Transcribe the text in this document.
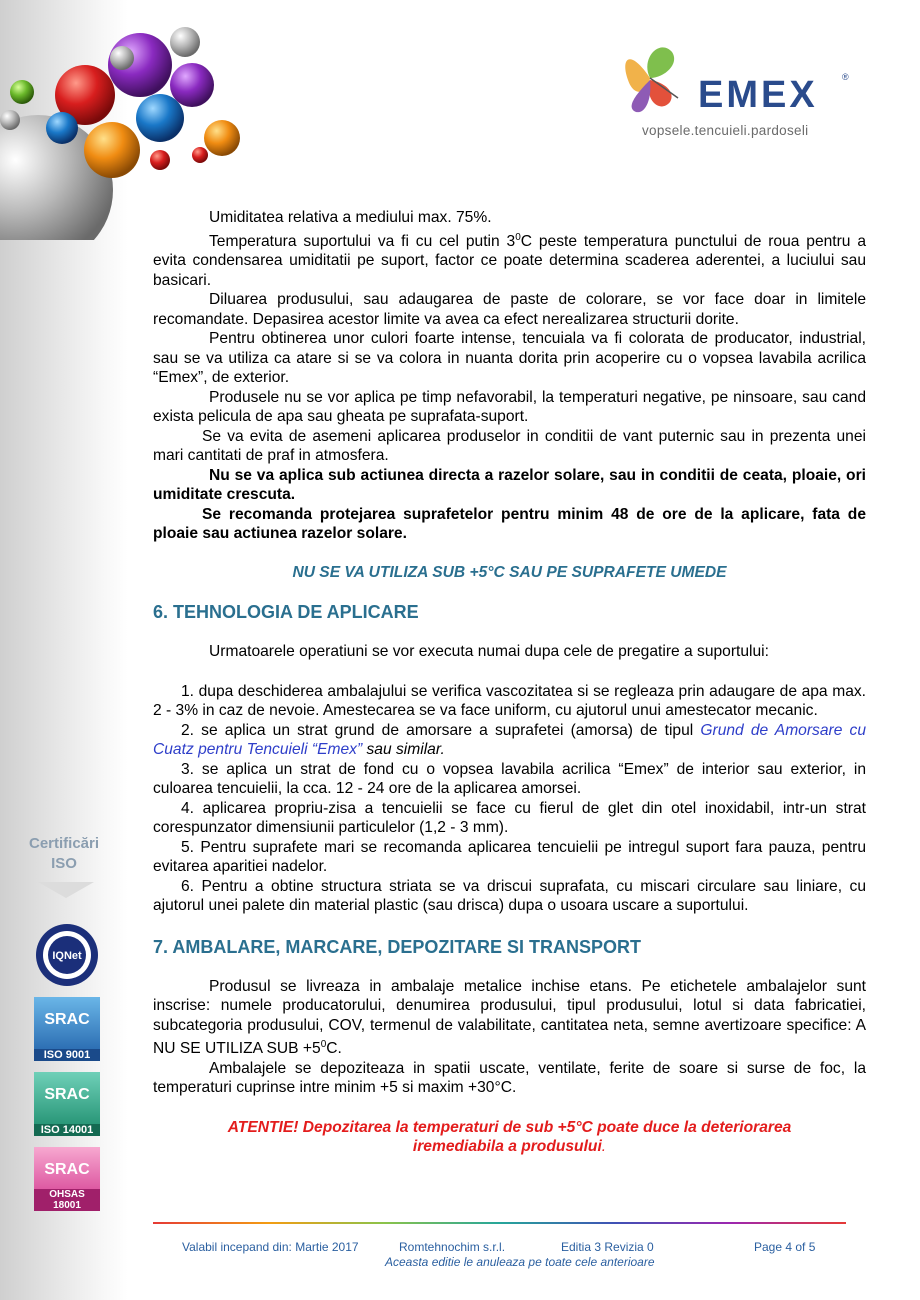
EMEX	®
vopsele.tencuieli.pardoseli
Certificări
ISO
IQNet
SRAC
ISO 9001
SRAC
ISO 14001
SRAC
OHSAS 18001

Umiditatea relativa a mediului max. 75%.

Temperatura suportului va fi cu cel putin $3^0C$ peste temperatura punctului de roua pentru a evita condensarea umiditatii pe suport, factor ce poate determina scaderea aderentei, a luciului sau basicari.

Diluarea produsului, sau adaugarea de paste de colorare, se vor face doar in limitele recomandate. Depasirea acestor limite va avea ca efect nerealizarea structurii dorite.

Pentru obtinerea unor culori foarte intense, tencuiala va fi colorata de producator, industrial, sau se va utiliza ca atare si se va colora in nuanta dorita prin acoperire cu o vopsea lavabila acrilica “Emex”, de exterior.

Produsele nu se vor aplica pe timp nefavorabil, la temperaturi negative, pe ninsoare, sau cand exista pelicula de apa sau gheata pe suprafata-suport.

Se va evita de asemeni aplicarea produselor in conditii de vant puternic sau in prezenta unei mari cantitati de praf in atmosfera.

Nu se va aplica sub actiunea directa a razelor solare, sau in conditii de ceata, ploaie, ori umiditate crescuta.

Se recomanda protejarea suprafetelor pentru minim 48 de ore de la aplicare, fata de ploaie sau actiunea razelor solare.

NU SE VA UTILIZA SUB +5°C SAU PE SUPRAFETE UMEDE

6. TEHNOLOGIA DE APLICARE

Urmatoarele operatiuni se vor executa numai dupa cele de pregatire a suportului:

1. dupa deschiderea ambalajului se verifica vascozitatea si se regleaza prin adaugare de apa max. 2 - 3% in caz de nevoie. Amestecarea se va face uniform, cu ajutorul unui amestecator mecanic.

2. se aplica un strat grund de amorsare a suprafetei (amorsa) de tipul Grund de Amorsare cu Cuatz pentru Tencuieli “Emex” sau similar.

3. se aplica un strat de fond cu o vopsea lavabila acrilica “Emex” de interior sau exterior, in culoarea tencuielii, la cca. 12 - 24 ore de la aplicarea amorsei.

4. aplicarea propriu-zisa a tencuielii se face cu fierul de glet din otel inoxidabil, intr-un strat corespunzator dimensiunii particulelor (1,2 - 3 mm).

5. Pentru suprafete mari se recomanda aplicarea tencuielii pe intregul suport fara pauza, pentru evitarea aparitiei nadelor.

6. Pentru a obtine structura striata se va driscui suprafata, cu miscari circulare sau liniare, cu ajutorul unei palete din material plastic (sau drisca) dupa o usoara uscare a suportului.

7. AMBALARE, MARCARE, DEPOZITARE SI TRANSPORT

Produsul se livreaza in ambalaje metalice inchise etans. Pe etichetele ambalajelor sunt inscrise: numele producatorului, denumirea produsului, tipul produsului, lotul si data fabricatiei, subcategoria produsului, COV, termenul de valabilitate, cantitatea neta, semne avertizoare specifice: A NU SE UTILIZA SUB $+5^0C$.

Ambalajele se depoziteaza in spatii uscate, ventilate, ferite de soare si surse de foc, la temperaturi cuprinse intre minim +5 si maxim +30°C.

ATENTIE! Depozitarea la temperaturi de sub +5°C poate duce la deteriorarea

iremediabila a produsului.

Valabil incepand din: Martie 2017	Romtehnochim s.r.l.	Editia 3 Revizia 0	Page 4 of 5
Aceasta editie le anuleaza pe toate cele anterioare
